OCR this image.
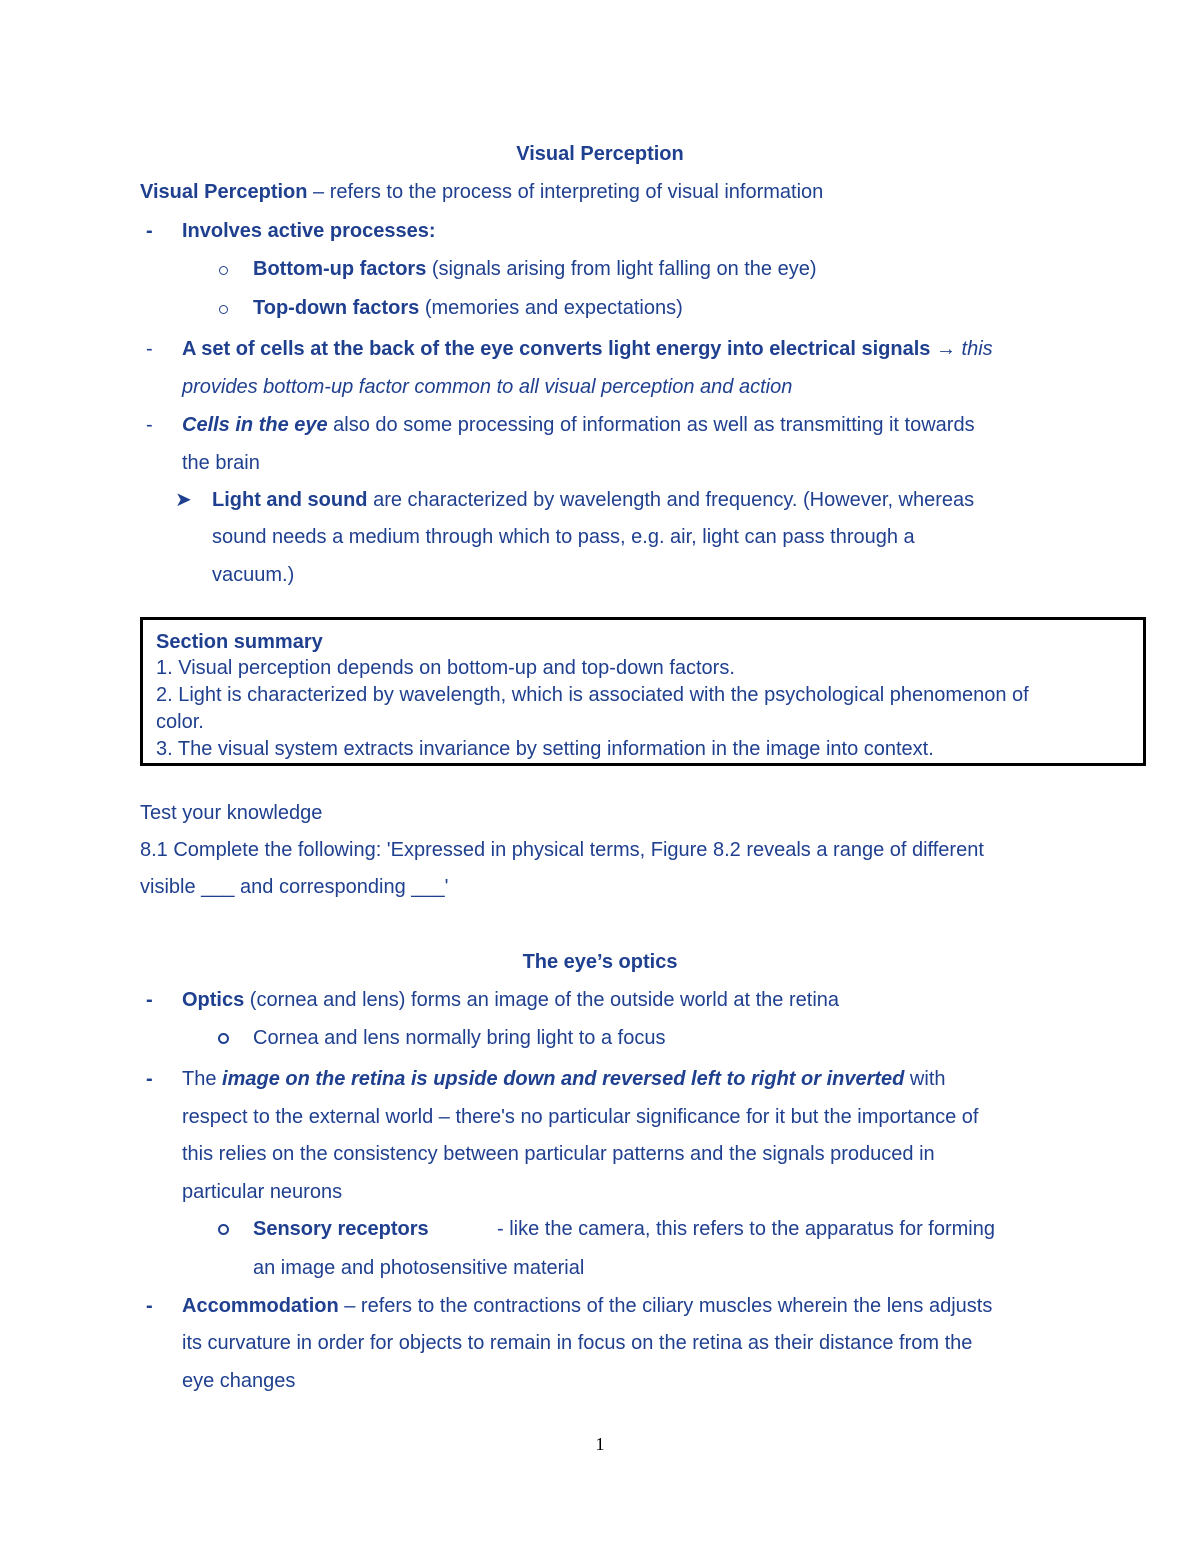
Visual Perception
Visual Perception – refers to the process of interpreting of visual information
- Involves active processes:
Bottom-up factors (signals arising from light falling on the eye)
Top-down factors (memories and expectations)
- A set of cells at the back of the eye converts light energy into electrical signals → this
provides bottom-up factor common to all visual perception and action
- Cells in the eye also do some processing of information as well as transmitting it towards
the brain
➤ Light and sound are characterized by wavelength and frequency. (However, whereas
sound needs a medium through which to pass, e.g. air, light can pass through a
vacuum.)
Section summary
1. Visual perception depends on bottom-up and top-down factors.
2. Light is characterized by wavelength, which is associated with the psychological phenomenon of
color.
3. The visual system extracts invariance by setting information in the image into context.
Test your knowledge
8.1 Complete the following: 'Expressed in physical terms, Figure 8.2 reveals a range of different
visible ___ and corresponding ___'
The eye’s optics
- Optics (cornea and lens) forms an image of the outside world at the retina
Cornea and lens normally bring light to a focus
- The image on the retina is upside down and reversed left to right or inverted with
respect to the external world – there's no particular significance for it but the importance of
this relies on the consistency between particular patterns and the signals produced in
particular neurons
Sensory receptors	- like the camera, this refers to the apparatus for forming
an image and photosensitive material
- Accommodation – refers to the contractions of the ciliary muscles wherein the lens adjusts
its curvature in order for objects to remain in focus on the retina as their distance from the
eye changes
1
